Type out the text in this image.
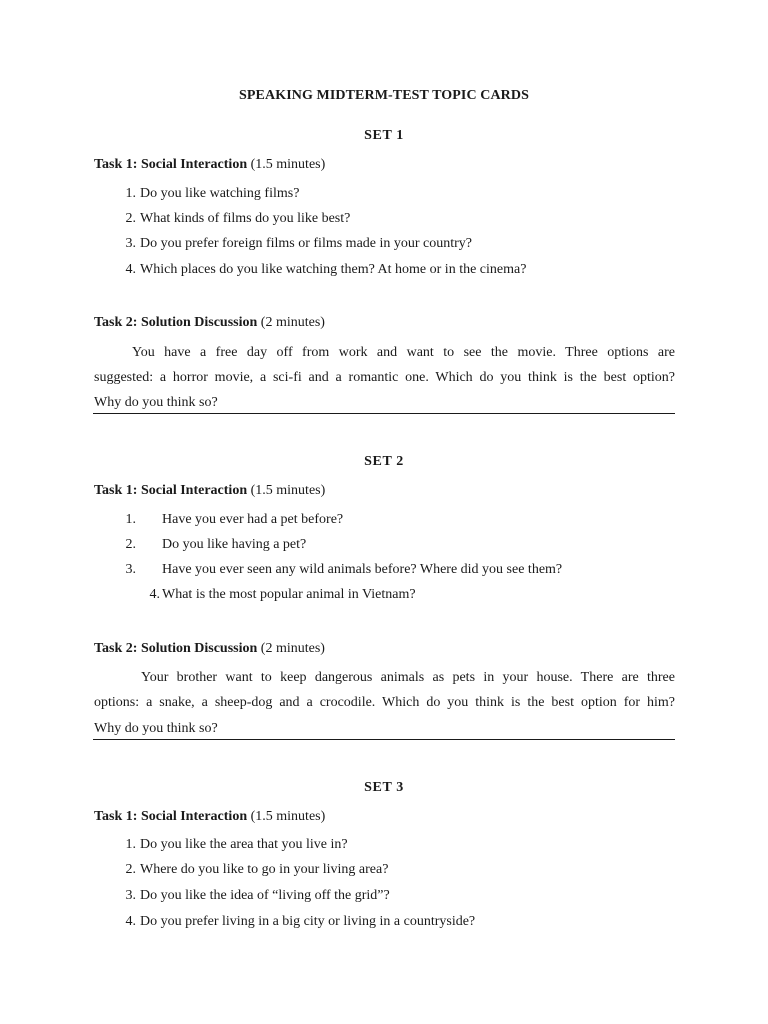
SPEAKING MIDTERM-TEST TOPIC CARDS
SET 1
Task 1: Social Interaction (1.5 minutes)
1. Do you like watching films?
2. What kinds of films do you like best?
3. Do you prefer foreign films or films made in your country?
4. Which places do you like watching them? At home or in the cinema?
Task 2: Solution Discussion (2 minutes)
You have a free day off from work and want to see the movie. Three options are
suggested: a horror movie, a sci-fi and a romantic one. Which do you think is the best option?
Why do you think so?
SET 2
Task 1: Social Interaction (1.5 minutes)
1. Have you ever had a pet before?
2. Do you like having a pet?
3. Have you ever seen any wild animals before? Where did you see them?
4. What is the most popular animal in Vietnam?
Task 2: Solution Discussion (2 minutes)
Your brother want to keep dangerous animals as pets in your house. There are three
options: a snake, a sheep-dog and a crocodile. Which do you think is the best option for him?
Why do you think so?
SET 3
Task 1: Social Interaction (1.5 minutes)
1. Do you like the area that you live in?
2. Where do you like to go in your living area?
3. Do you like the idea of “living off the grid”?
4. Do you prefer living in a big city or living in a countryside?
